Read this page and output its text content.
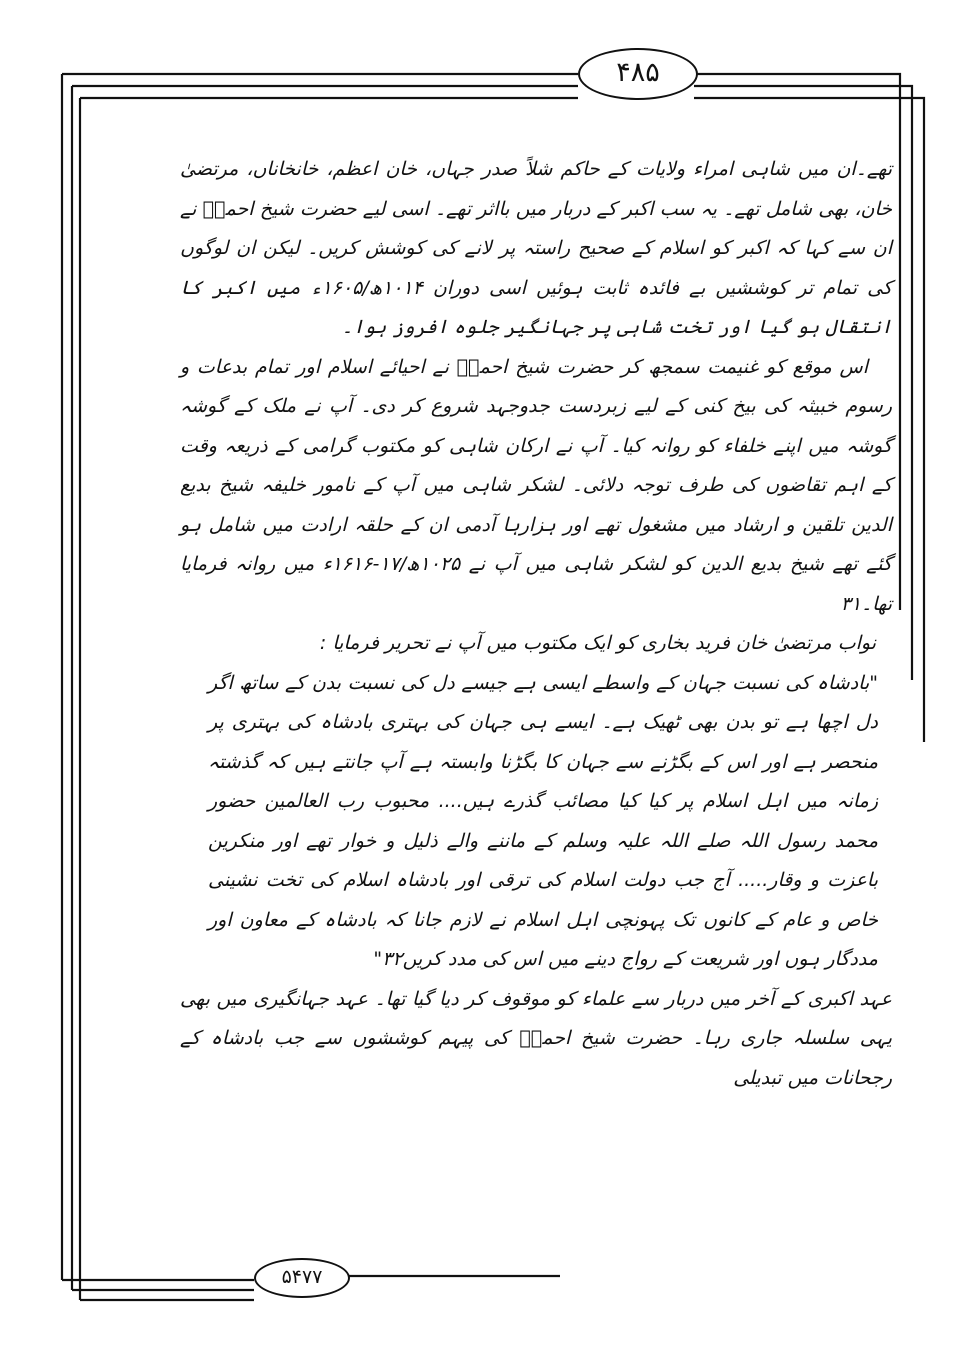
۴۸۵

تھے۔ان میں شاہی امراء ولایات کے حاکم شلاً صدر جہاں، خان اعظم، خانخاناں، مرتضیٰ خان، بھی شامل تھے۔ یہ سب اکبر کے دربار میں بااثر تھے۔ اسی لیے حضرت شیخ احمدؒ نے ان سے کہا کہ اکبر کو اسلام کے صحیح راستہ پر لانے کی کوشش کریں۔ لیکن ان لوگوں کی تمام تر کوششیں بے فائدہ ثابت ہوئیں اسی دوران ۱۰۱۴ھ/۱۶۰۵ء میں اکبر کا انتقال ہو گیا اور تخت شاہی پر جہانگیر جلوہ افروز ہوا۔

اس موقع کو غنیمت سمجھ کر حضرت شیخ احمدؒ نے احیائے اسلام اور تمام بدعات و رسوم خبیثہ کی بیخ کنی کے لیے زبردست جدوجہد شروع کر دی۔ آپ نے ملک کے گوشہ گوشہ میں اپنے خلفاء کو روانہ کیا۔ آپ نے ارکان شاہی کو مکتوب گرامی کے ذریعہ وقت کے اہم تقاضوں کی طرف توجہ دلائی۔ لشکر شاہی میں آپ کے نامور خلیفہ شیخ بدیع الدین تلقین و ارشاد میں مشغول تھے اور ہزارہا آدمی ان کے حلقہ ارادت میں شامل ہو گئے تھے شیخ بدیع الدین کو لشکر شاہی میں آپ نے ۱۰۲۵ھ/۱۷-۱۶۱۶ء میں روانہ فرمایا تھا۔۳۱

نواب مرتضیٰ خان فرید بخاری کو ایک مکتوب میں آپ نے تحریر فرمایا :

"بادشاہ کی نسبت جہان کے واسطے ایسی ہے جیسے دل کی نسبت بدن کے ساتھ اگر دل اچھا ہے تو بدن بھی ٹھیک ہے۔ ایسے ہی جہان کی بہتری بادشاہ کی بہتری پر منحصر ہے اور اس کے بگڑنے سے جہان کا بگڑنا وابستہ ہے آپ جانتے ہیں کہ گذشتہ زمانہ میں اہل اسلام پر کیا کیا مصائب گذرے ہیں.... محبوب رب العالمین حضور محمد رسول اللہ صلے اللہ علیہ وسلم کے ماننے والے ذلیل و خوار تھے اور منکرین باعزت و وقار..... آج جب دولت اسلام کی ترقی اور بادشاہ اسلام کی تخت نشینی خاص و عام کے کانوں تک پہونچی اہل اسلام نے لازم جانا کہ بادشاہ کے معاون اور مددگار ہوں اور شریعت کے رواج دینے میں اس کی مدد کریں۳۲"

عہد اکبری کے آخر میں دربار سے علماء کو موقوف کر دیا گیا تھا۔ عہد جہانگیری میں بھی یہی سلسلہ جاری رہا۔ حضرت شیخ احمدؒ کی پیہم کوششوں سے جب بادشاہ کے رجحانات میں تبدیلی

۵۴۷۷
